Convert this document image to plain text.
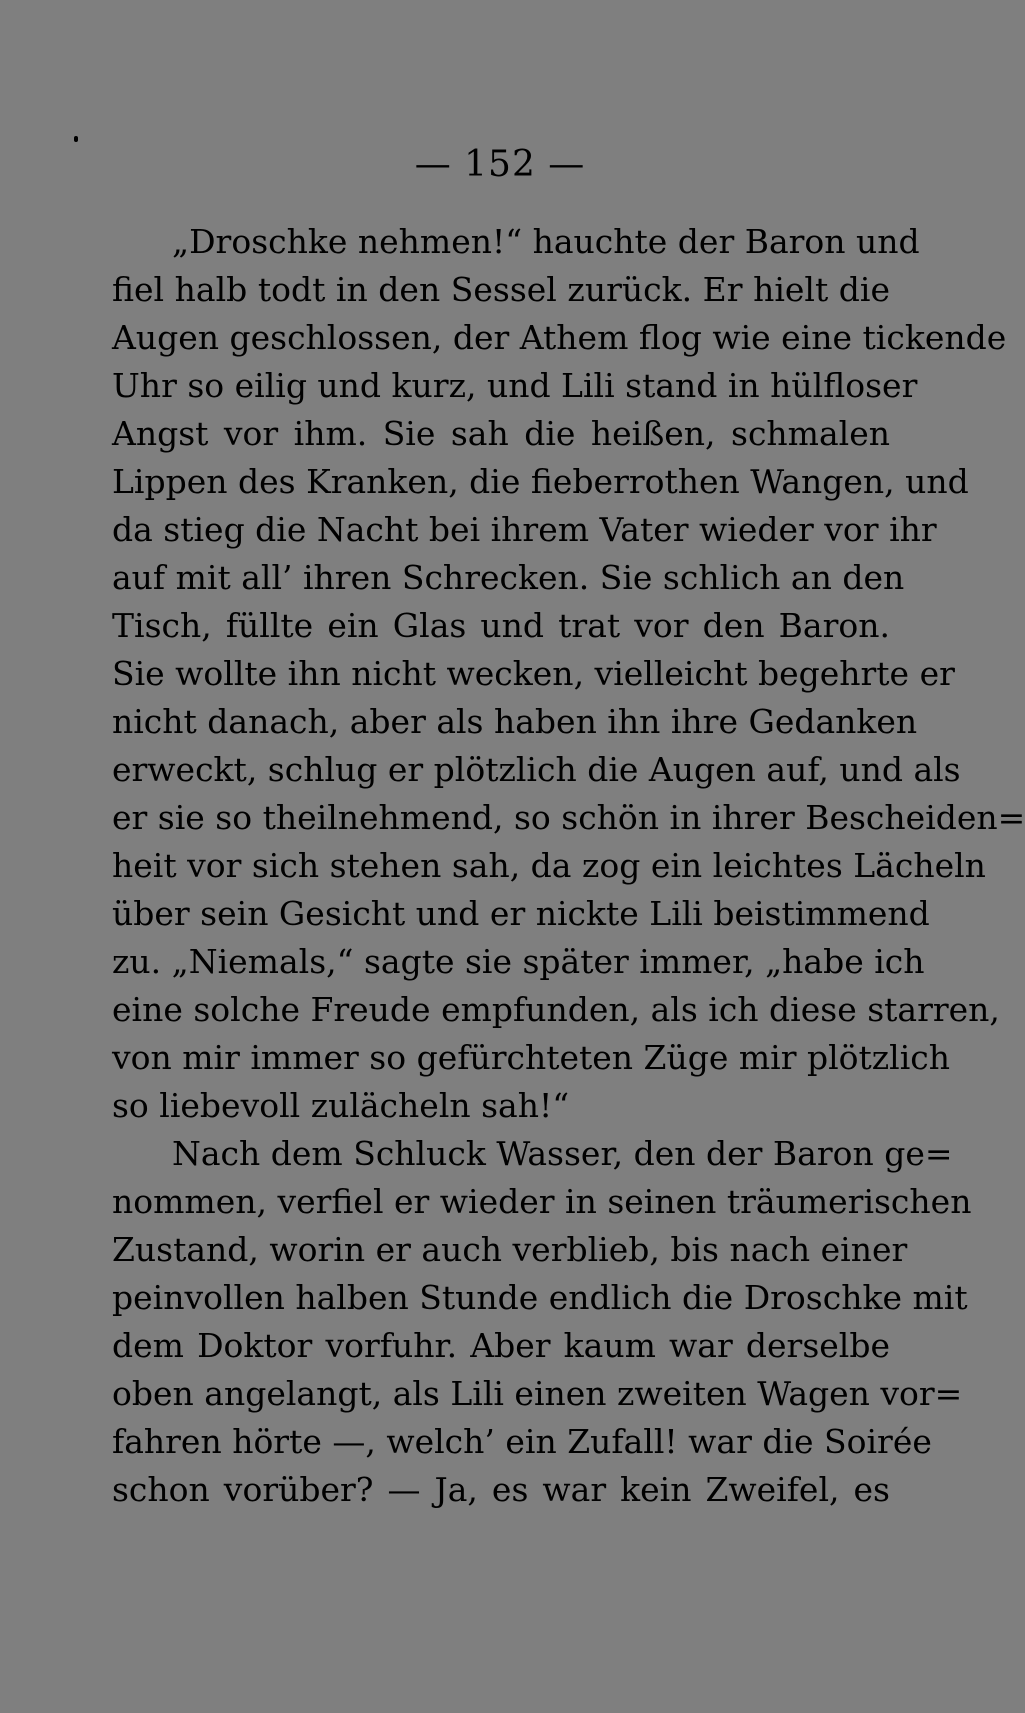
— 152 —
„Droschke nehmen!“ hauchte der Baron und
fiel halb todt in den Sessel zurück. Er hielt die
Augen geschlossen, der Athem flog wie eine tickende
Uhr so eilig und kurz, und Lili stand in hülfloser
Angst vor ihm. Sie sah die heißen, schmalen
Lippen des Kranken, die fieberrothen Wangen, und
da stieg die Nacht bei ihrem Vater wieder vor ihr
auf mit all’ ihren Schrecken. Sie schlich an den
Tisch, füllte ein Glas und trat vor den Baron.
Sie wollte ihn nicht wecken, vielleicht begehrte er
nicht danach, aber als haben ihn ihre Gedanken
erweckt, schlug er plötzlich die Augen auf, und als
er sie so theilnehmend, so schön in ihrer Bescheiden=
heit vor sich stehen sah, da zog ein leichtes Lächeln
über sein Gesicht und er nickte Lili beistimmend
zu. „Niemals,“ sagte sie später immer, „habe ich
eine solche Freude empfunden, als ich diese starren,
von mir immer so gefürchteten Züge mir plötzlich
so liebevoll zulächeln sah!“
Nach dem Schluck Wasser, den der Baron ge=
nommen, verfiel er wieder in seinen träumerischen
Zustand, worin er auch verblieb, bis nach einer
peinvollen halben Stunde endlich die Droschke mit
dem Doktor vorfuhr. Aber kaum war derselbe
oben angelangt, als Lili einen zweiten Wagen vor=
fahren hörte —, welch’ ein Zufall! war die Soirée
schon vorüber? — Ja, es war kein Zweifel, es
